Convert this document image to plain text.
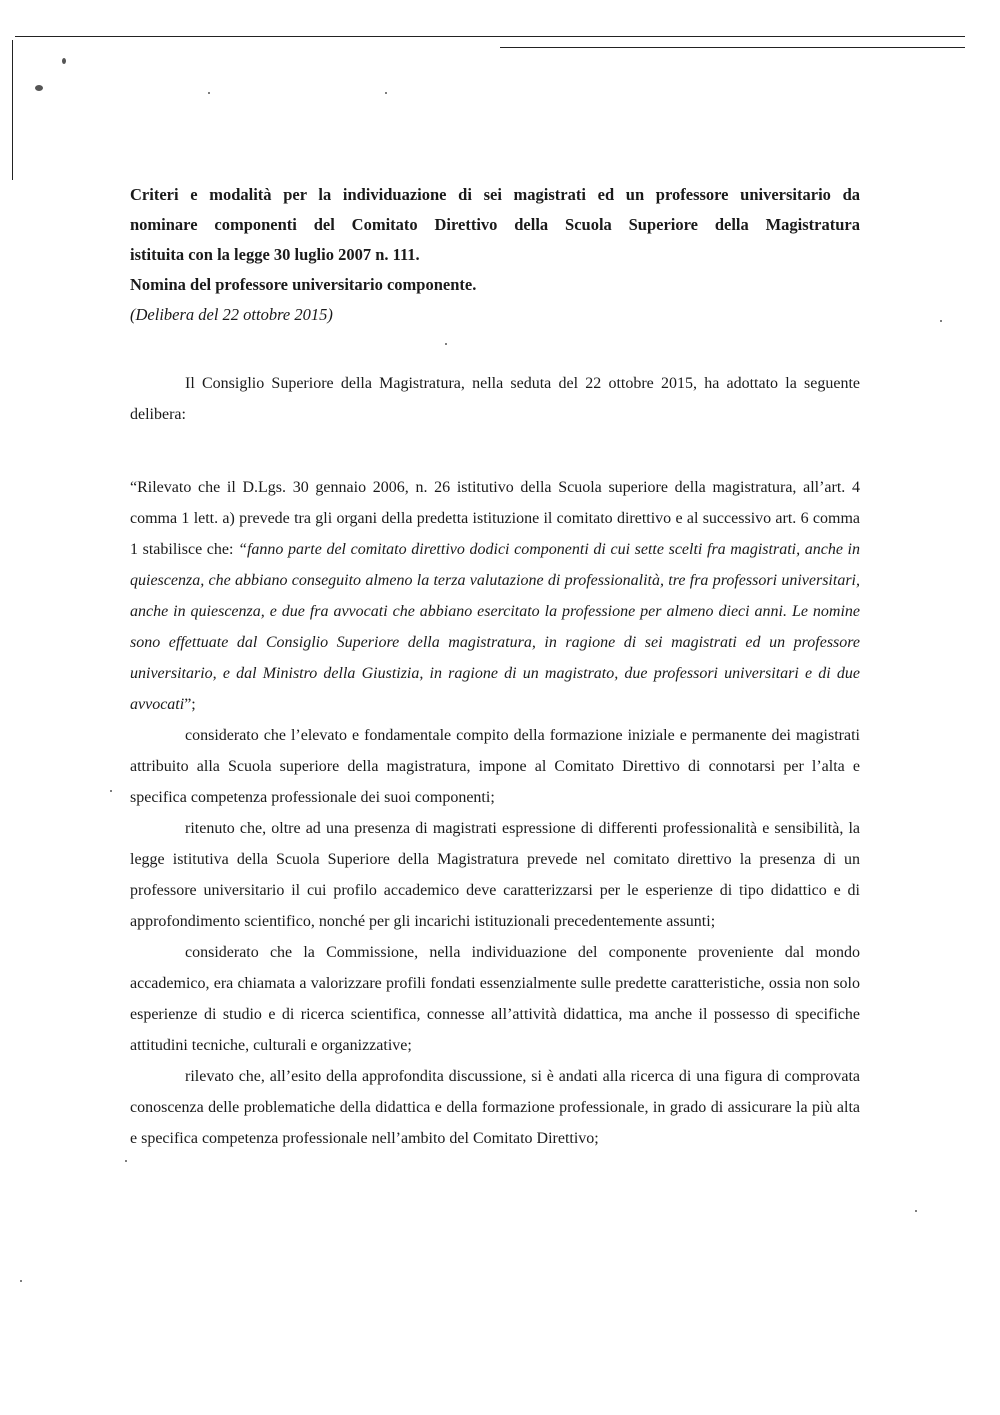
Criteri e modalità per la individuazione di sei magistrati ed un professore universitario da
nominare componenti del Comitato Direttivo della Scuola Superiore della Magistratura
istituita con la legge 30 luglio 2007 n. 111.
Nomina del professore universitario componente.
(Delibera del 22 ottobre 2015)

Il Consiglio Superiore della Magistratura, nella seduta del 22 ottobre 2015, ha adottato la seguente delibera:

“Rilevato che il D.Lgs. 30 gennaio 2006, n. 26 istitutivo della Scuola superiore della magistratura, all’art. 4 comma 1 lett. a) prevede tra gli organi della predetta istituzione il comitato direttivo e al successivo art. 6 comma 1 stabilisce che: “fanno parte del comitato direttivo dodici componenti di cui sette scelti fra magistrati, anche in quiescenza, che abbiano conseguito almeno la terza valutazione di professionalità, tre fra professori universitari, anche in quiescenza, e due fra avvocati che abbiano esercitato la professione per almeno dieci anni. Le nomine sono effettuate dal Consiglio Superiore della magistratura, in ragione di sei magistrati ed un professore universitario, e dal Ministro della Giustizia, in ragione di un magistrato, due professori universitari e di due avvocati”;

considerato che l’elevato e fondamentale compito della formazione iniziale e permanente dei magistrati attribuito alla Scuola superiore della magistratura, impone al Comitato Direttivo di connotarsi per l’alta e specifica competenza professionale dei suoi componenti;

ritenuto che, oltre ad una presenza di magistrati espressione di differenti professionalità e sensibilità, la legge istitutiva della Scuola Superiore della Magistratura prevede nel comitato direttivo la presenza di un professore universitario il cui profilo accademico deve caratterizzarsi per le esperienze di tipo didattico e di approfondimento scientifico, nonché per gli incarichi istituzionali precedentemente assunti;

considerato che la Commissione, nella individuazione del componente proveniente dal mondo accademico, era chiamata a valorizzare profili fondati essenzialmente sulle predette caratteristiche, ossia non solo esperienze di studio e di ricerca scientifica, connesse all’attività didattica, ma anche il possesso di specifiche attitudini tecniche, culturali e organizzative;

rilevato che, all’esito della approfondita discussione, si è andati alla ricerca di una figura di comprovata conoscenza delle problematiche della didattica e della formazione professionale, in grado di assicurare la più alta e specifica competenza professionale nell’ambito del Comitato Direttivo;
